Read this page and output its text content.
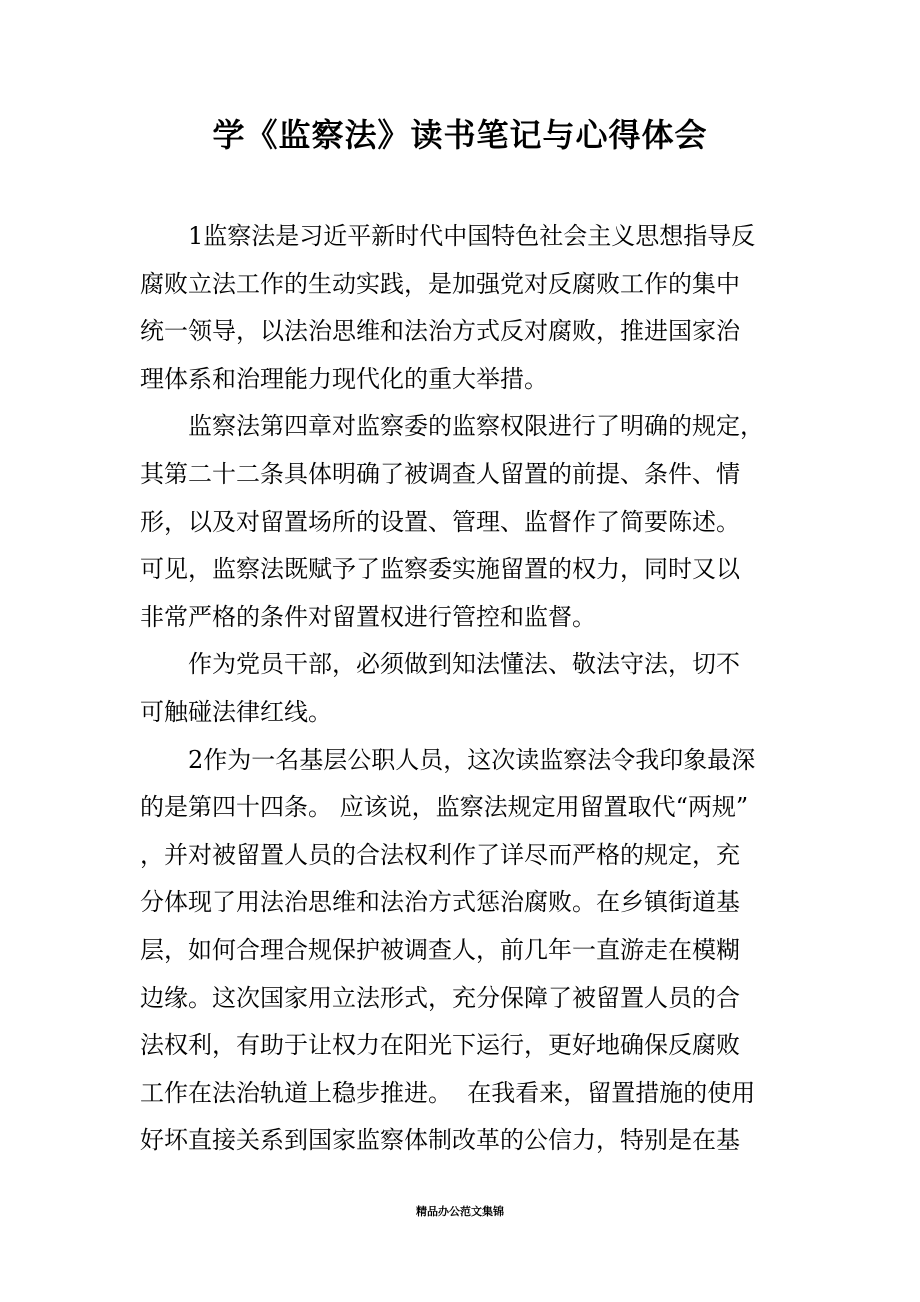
学《监察法》读书笔记与心得体会
　　1监察法是习近平新时代中国特色社会主义思想指导反
腐败立法工作的生动实践，是加强党对反腐败工作的集中
统一领导，以法治思维和法治方式反对腐败，推进国家治
理体系和治理能力现代化的重大举措。
　　监察法第四章对监察委的监察权限进行了明确的规定，
其第二十二条具体明确了被调查人留置的前提、条件、情
形，以及对留置场所的设置、管理、监督作了简要陈述。
可见，监察法既赋予了监察委实施留置的权力，同时又以
非常严格的条件对留置权进行管控和监督。
　　作为党员干部，必须做到知法懂法、敬法守法，切不
可触碰法律红线。
　　2作为一名基层公职人员，这次读监察法令我印象最深
的是第四十四条。 应该说，监察法规定用留置取代“两规”
，并对被留置人员的合法权利作了详尽而严格的规定，充
分体现了用法治思维和法治方式惩治腐败。在乡镇街道基
层，如何合理合规保护被调查人，前几年一直游走在模糊
边缘。这次国家用立法形式，充分保障了被留置人员的合
法权利，有助于让权力在阳光下运行，更好地确保反腐败
工作在法治轨道上稳步推进。  在我看来，留置措施的使用
好坏直接关系到国家监察体制改革的公信力，特别是在基
精品办公范文集锦
